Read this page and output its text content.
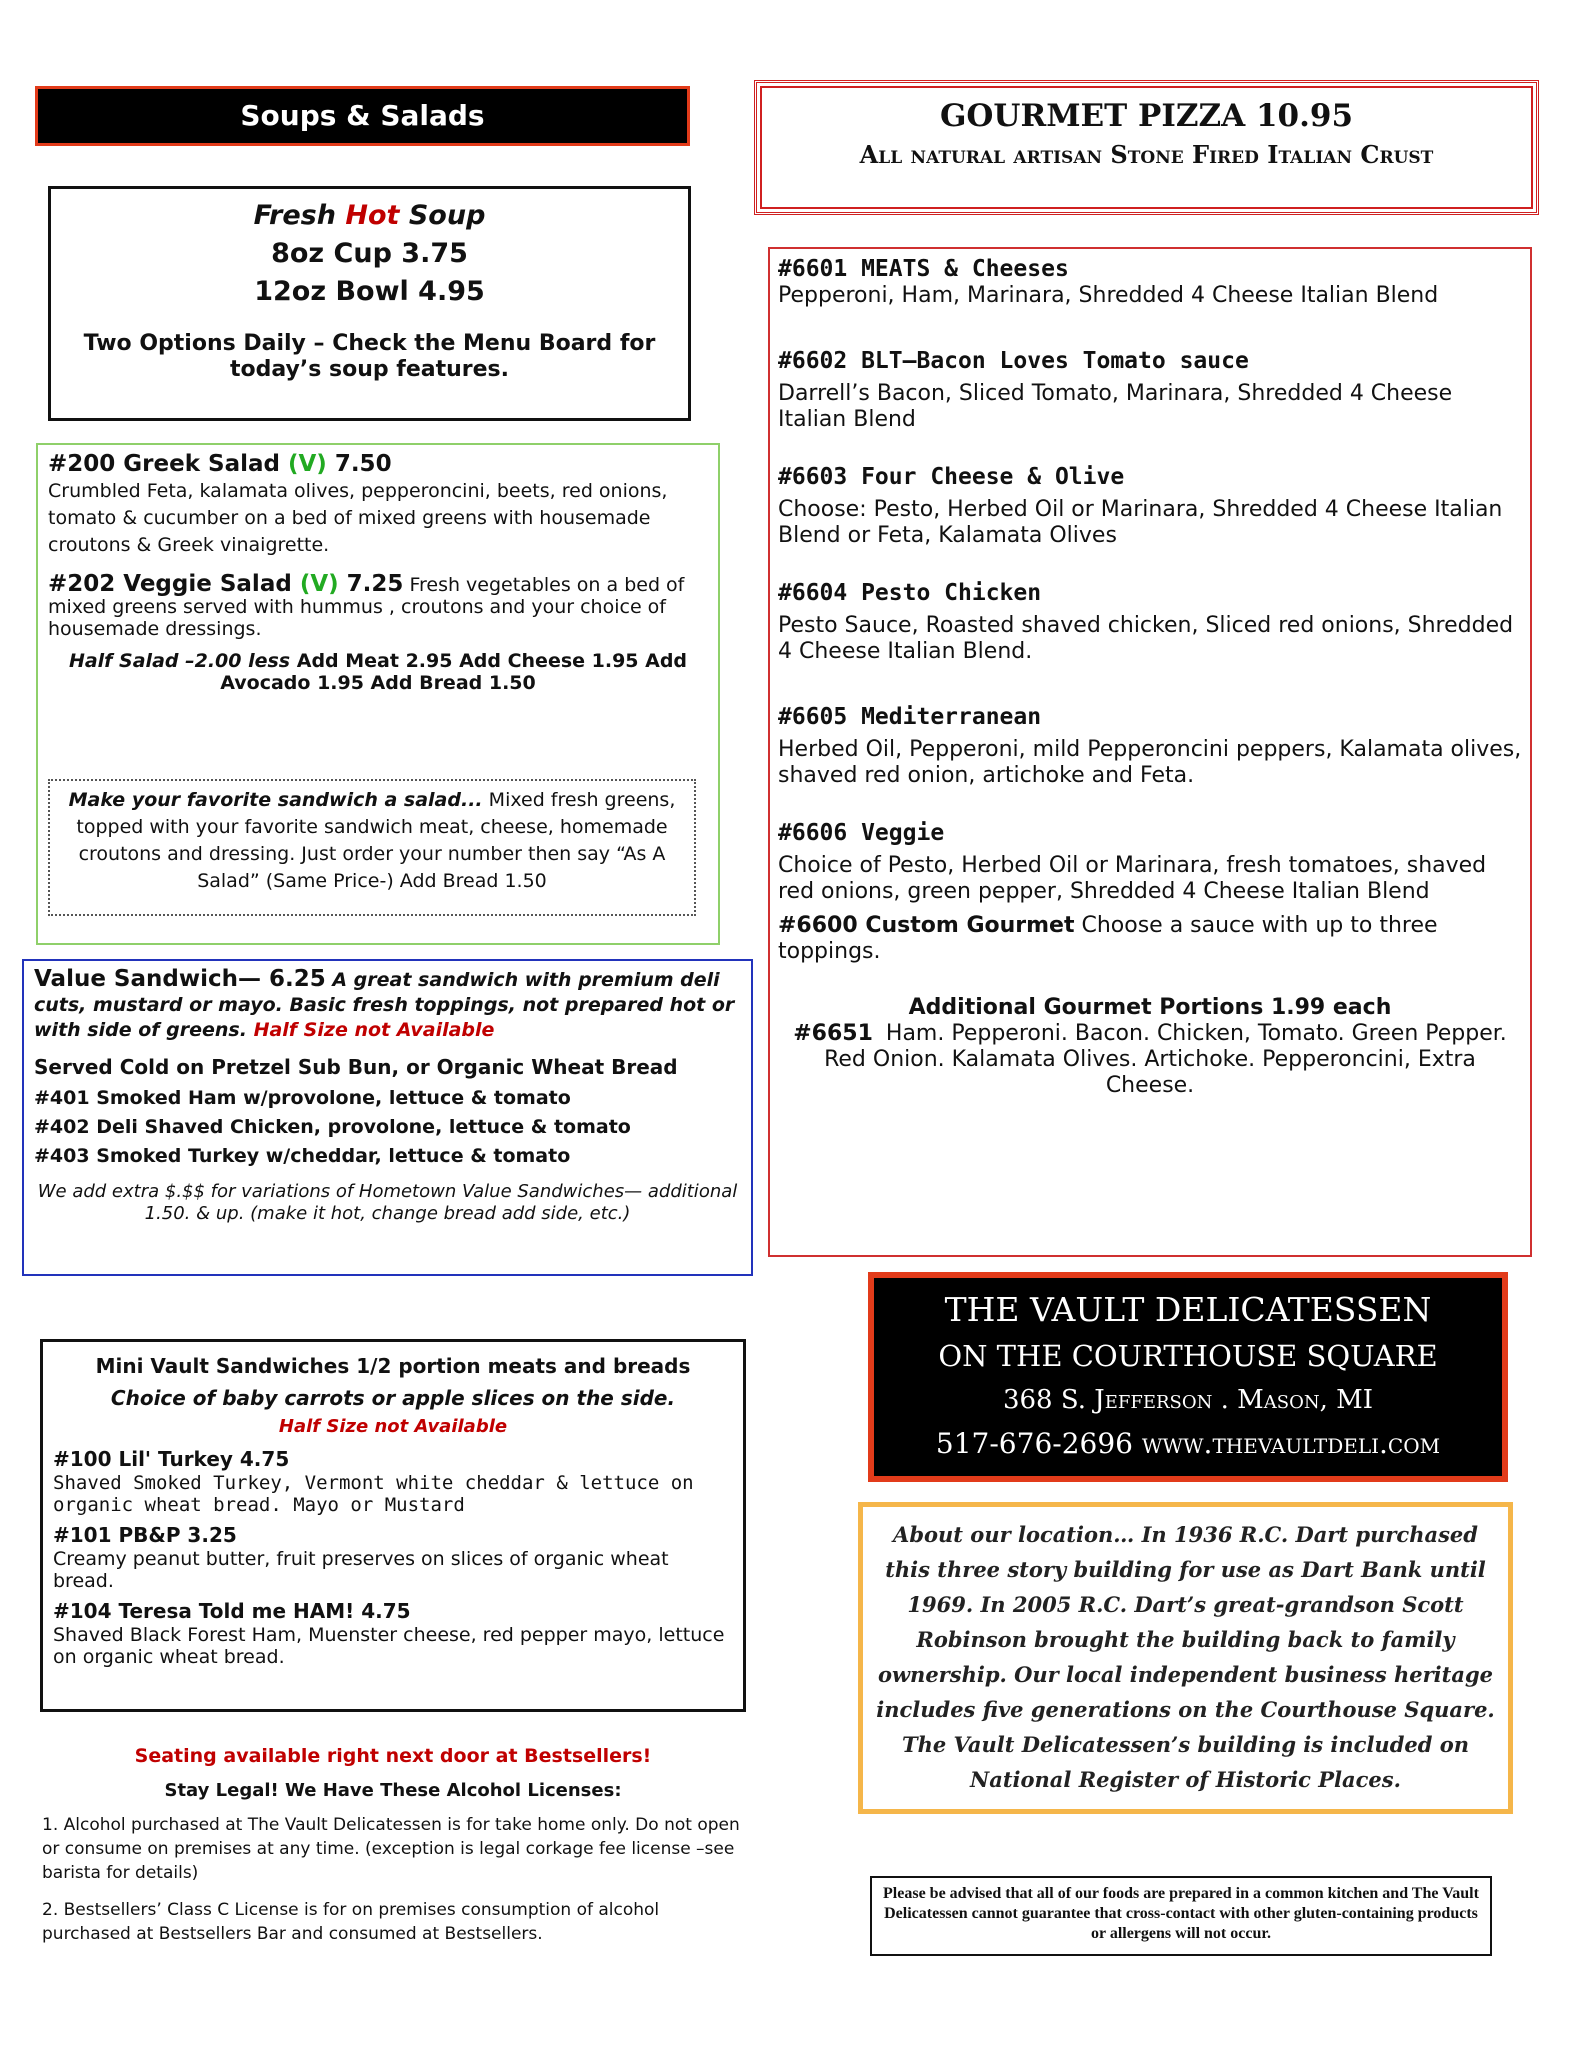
Soups & Salads
Fresh Hot Soup
8oz Cup 3.75
12oz Bowl 4.95
Two Options Daily – Check the Menu Board for today’s soup features.
#200 Greek Salad (V) 7.50

Crumbled Feta, kalamata olives, pepperoncini, beets, red onions, tomato & cucumber on a bed of mixed greens with housemade croutons & Greek vinaigrette.

#202 Veggie Salad (V) 7.25 Fresh vegetables on a bed of mixed greens served with hummus , croutons and your choice of housemade dressings.
Half Salad –2.00 less Add Meat 2.95 Add Cheese 1.95 Add Avocado 1.95 Add Bread 1.50
Make your favorite sandwich a salad... Mixed fresh greens, topped with your favorite sandwich meat, cheese, homemade croutons and dressing. Just order your number then say “As A Salad” (Same Price-) Add Bread 1.50

Value Sandwich— 6.25 A great sandwich with premium deli cuts, mustard or mayo. Basic fresh toppings, not prepared hot or with side of greens. Half Size not Available

Served Cold on Pretzel Sub Bun, or Organic Wheat Bread

#401 Smoked Ham w/provolone, lettuce & tomato
#402 Deli Shaved Chicken, provolone, lettuce & tomato
#403 Smoked Turkey w/cheddar, lettuce & tomato

We add extra $.$$ for variations of Hometown Value Sandwiches— additional 1.50. & up. (make it hot, change bread add side, etc.)

Mini Vault Sandwiches 1/2 portion meats and breads
Choice of baby carrots or apple slices on the side.
Half Size not Available
#100 Lil' Turkey 4.75
Shaved Smoked Turkey, Vermont white cheddar & lettuce on organic wheat bread. Mayo or Mustard
#101 PB&P 3.25
Creamy peanut butter, fruit preserves on slices of organic wheat bread.
#104 Teresa Told me HAM! 4.75
Shaved Black Forest Ham, Muenster cheese, red pepper mayo, lettuce on organic wheat bread.
Seating available right next door at Bestsellers!
Stay Legal! We Have These Alcohol Licenses:
1. Alcohol purchased at The Vault Delicatessen is for take home only. Do not open or consume on premises at any time. (exception is legal corkage fee license –see barista for details)
2. Bestsellers’ Class C License is for on premises consumption of alcohol purchased at Bestsellers Bar and consumed at Bestsellers.
GOURMET PIZZA 10.95
All natural artisan Stone Fired Italian Crust
#6601 MEATS & Cheeses
Pepperoni, Ham, Marinara, Shredded 4 Cheese Italian Blend
#6602 BLT—Bacon Loves Tomato sauce
Darrell’s Bacon, Sliced Tomato, Marinara, Shredded 4 Cheese Italian Blend
#6603 Four Cheese & Olive
Choose: Pesto, Herbed Oil or Marinara, Shredded 4 Cheese Italian Blend or Feta, Kalamata Olives
#6604 Pesto Chicken
Pesto Sauce, Roasted shaved chicken, Sliced red onions, Shredded 4 Cheese Italian Blend.
#6605 Mediterranean
Herbed Oil, Pepperoni, mild Pepperoncini peppers, Kalamata olives, shaved red onion, artichoke and Feta.
#6606 Veggie
Choice of Pesto, Herbed Oil or Marinara, fresh tomatoes, shaved red onions, green pepper, Shredded 4 Cheese Italian Blend
#6600 Custom Gourmet Choose a sauce with up to three toppings.
Additional Gourmet Portions 1.99 each
#6651 Ham. Pepperoni. Bacon. Chicken, Tomato. Green Pepper. Red Onion. Kalamata Olives. Artichoke. Pepperoncini, Extra Cheese.
THE VAULT DELICATESSEN
ON THE COURTHOUSE SQUARE
368 S. Jefferson . Mason, MI
517-676-2696 www.thevaultdeli.com
About our location… In 1936 R.C. Dart purchased this three story building for use as Dart Bank until 1969. In 2005 R.C. Dart’s great-grandson Scott Robinson brought the building back to family ownership. Our local independent business heritage includes five generations on the Courthouse Square. The Vault Delicatessen’s building is included on National Register of Historic Places.
Please be advised that all of our foods are prepared in a common kitchen and The Vault Delicatessen cannot guarantee that cross-contact with other gluten-containing products or allergens will not occur.
